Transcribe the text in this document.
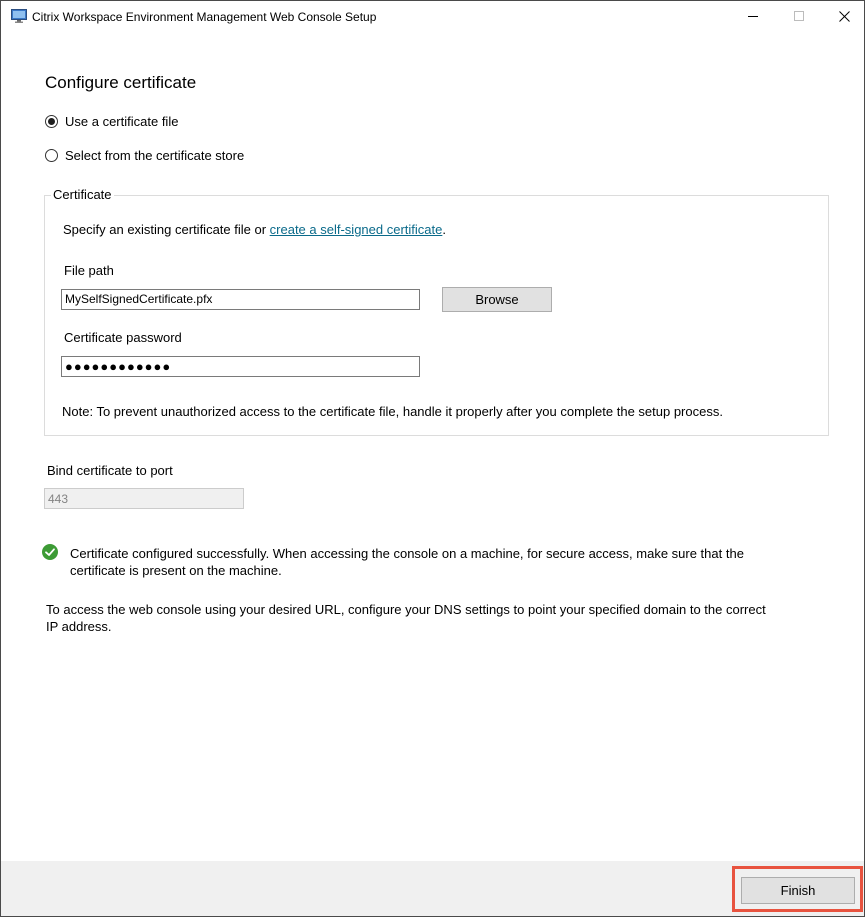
Citrix Workspace Environment Management Web Console Setup
Configure certificate
Use a certificate file
Select from the certificate store
Certificate
Specify an existing certificate file or create a self-signed certificate.
File path
MySelfSignedCertificate.pfx	Browse
Certificate password
●●●●●●●●●●●●
Note: To prevent unauthorized access to the certificate file, handle it properly after you complete the setup process.
Bind certificate to port
443
Certificate configured successfully. When accessing the console on a machine, for secure access, make sure that the certificate is present on the machine.
To access the web console using your desired URL, configure your DNS settings to point your specified domain to the correct IP address.
Finish
